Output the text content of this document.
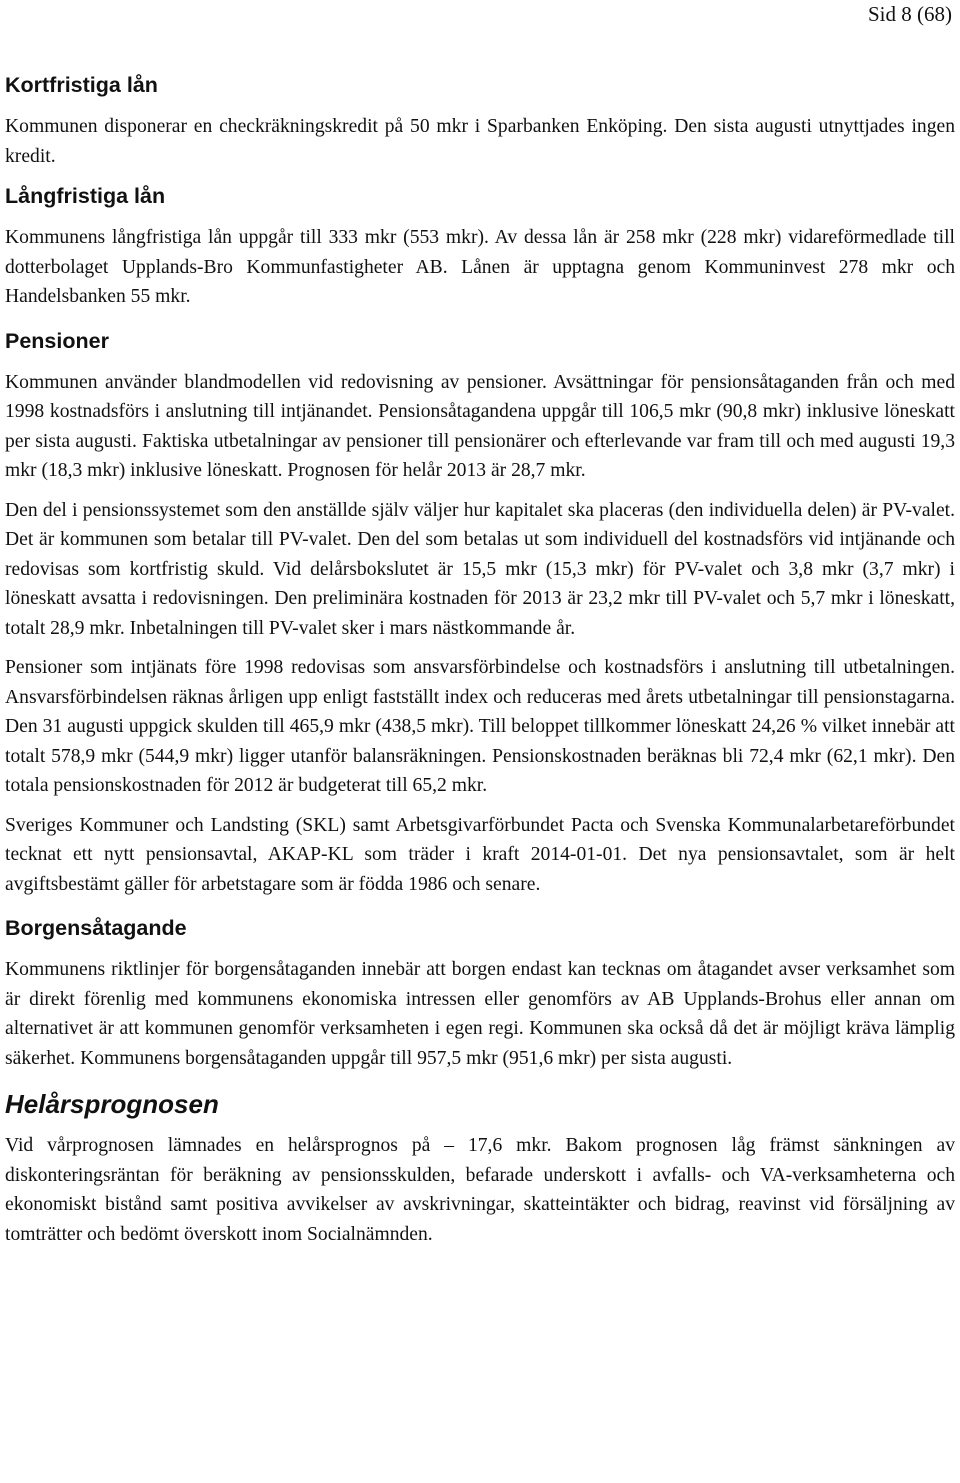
Sid 8 (68)
Kortfristiga lån

Kommunen disponerar en checkräkningskredit på 50 mkr i Sparbanken Enköping. Den sista augusti utnyttjades ingen kredit.

Långfristiga lån

Kommunens långfristiga lån uppgår till 333 mkr (553 mkr). Av dessa lån är 258 mkr (228 mkr) vidareförmedlade till dotterbolaget Upplands-Bro Kommunfastigheter AB. Lånen är upptagna genom Kommuninvest 278 mkr och Handelsbanken 55 mkr.

Pensioner

Kommunen använder blandmodellen vid redovisning av pensioner. Avsättningar för pensionsåtaganden från och med 1998 kostnadsförs i anslutning till intjänandet. Pensionsåtagandena uppgår till 106,5 mkr (90,8 mkr) inklusive löneskatt per sista augusti. Faktiska utbetalningar av pensioner till pensionärer och efterlevande var fram till och med augusti 19,3 mkr (18,3 mkr) inklusive löneskatt. Prognosen för helår 2013 är 28,7 mkr.

Den del i pensionssystemet som den anställde själv väljer hur kapitalet ska placeras (den individuella delen) är PV-valet. Det är kommunen som betalar till PV-valet. Den del som betalas ut som individuell del kostnadsförs vid intjänande och redovisas som kortfristig skuld. Vid delårsbokslutet är 15,5 mkr (15,3 mkr) för PV-valet och 3,8 mkr (3,7 mkr) i löneskatt avsatta i redovisningen. Den preliminära kostnaden för 2013 är 23,2 mkr till PV-valet och 5,7 mkr i löneskatt, totalt 28,9 mkr. Inbetalningen till PV-valet sker i mars nästkommande år.

Pensioner som intjänats före 1998 redovisas som ansvarsförbindelse och kostnadsförs i anslutning till utbetalningen. Ansvarsförbindelsen räknas årligen upp enligt fastställt index och reduceras med årets utbetalningar till pensionstagarna. Den 31 augusti uppgick skulden till 465,9 mkr (438,5 mkr). Till beloppet tillkommer löneskatt 24,26 % vilket innebär att totalt 578,9 mkr (544,9 mkr) ligger utanför balansräkningen. Pensionskostnaden beräknas bli 72,4 mkr (62,1 mkr). Den totala pensionskostnaden för 2012 är budgeterat till 65,2 mkr.

Sveriges Kommuner och Landsting (SKL) samt Arbetsgivarförbundet Pacta och Svenska Kommunalarbetareförbundet tecknat ett nytt pensionsavtal, AKAP-KL som träder i kraft 2014-01-01. Det nya pensionsavtalet, som är helt avgiftsbestämt gäller för arbetstagare som är födda 1986 och senare.

Borgensåtagande

Kommunens riktlinjer för borgensåtaganden innebär att borgen endast kan tecknas om åtagandet avser verksamhet som är direkt förenlig med kommunens ekonomiska intressen eller genomförs av AB Upplands-Brohus eller annan om alternativet är att kommunen genomför verksamheten i egen regi. Kommunen ska också då det är möjligt kräva lämplig säkerhet. Kommunens borgensåtaganden uppgår till 957,5 mkr (951,6 mkr) per sista augusti.

Helårsprognosen

Vid vårprognosen lämnades en helårsprognos på – 17,6 mkr. Bakom prognosen låg främst sänkningen av diskonteringsräntan för beräkning av pensionsskulden, befarade underskott i avfalls- och VA-verksamheterna och ekonomiskt bistånd samt positiva avvikelser av avskrivningar, skatteintäkter och bidrag, reavinst vid försäljning av tomträtter och bedömt överskott inom Socialnämnden.
